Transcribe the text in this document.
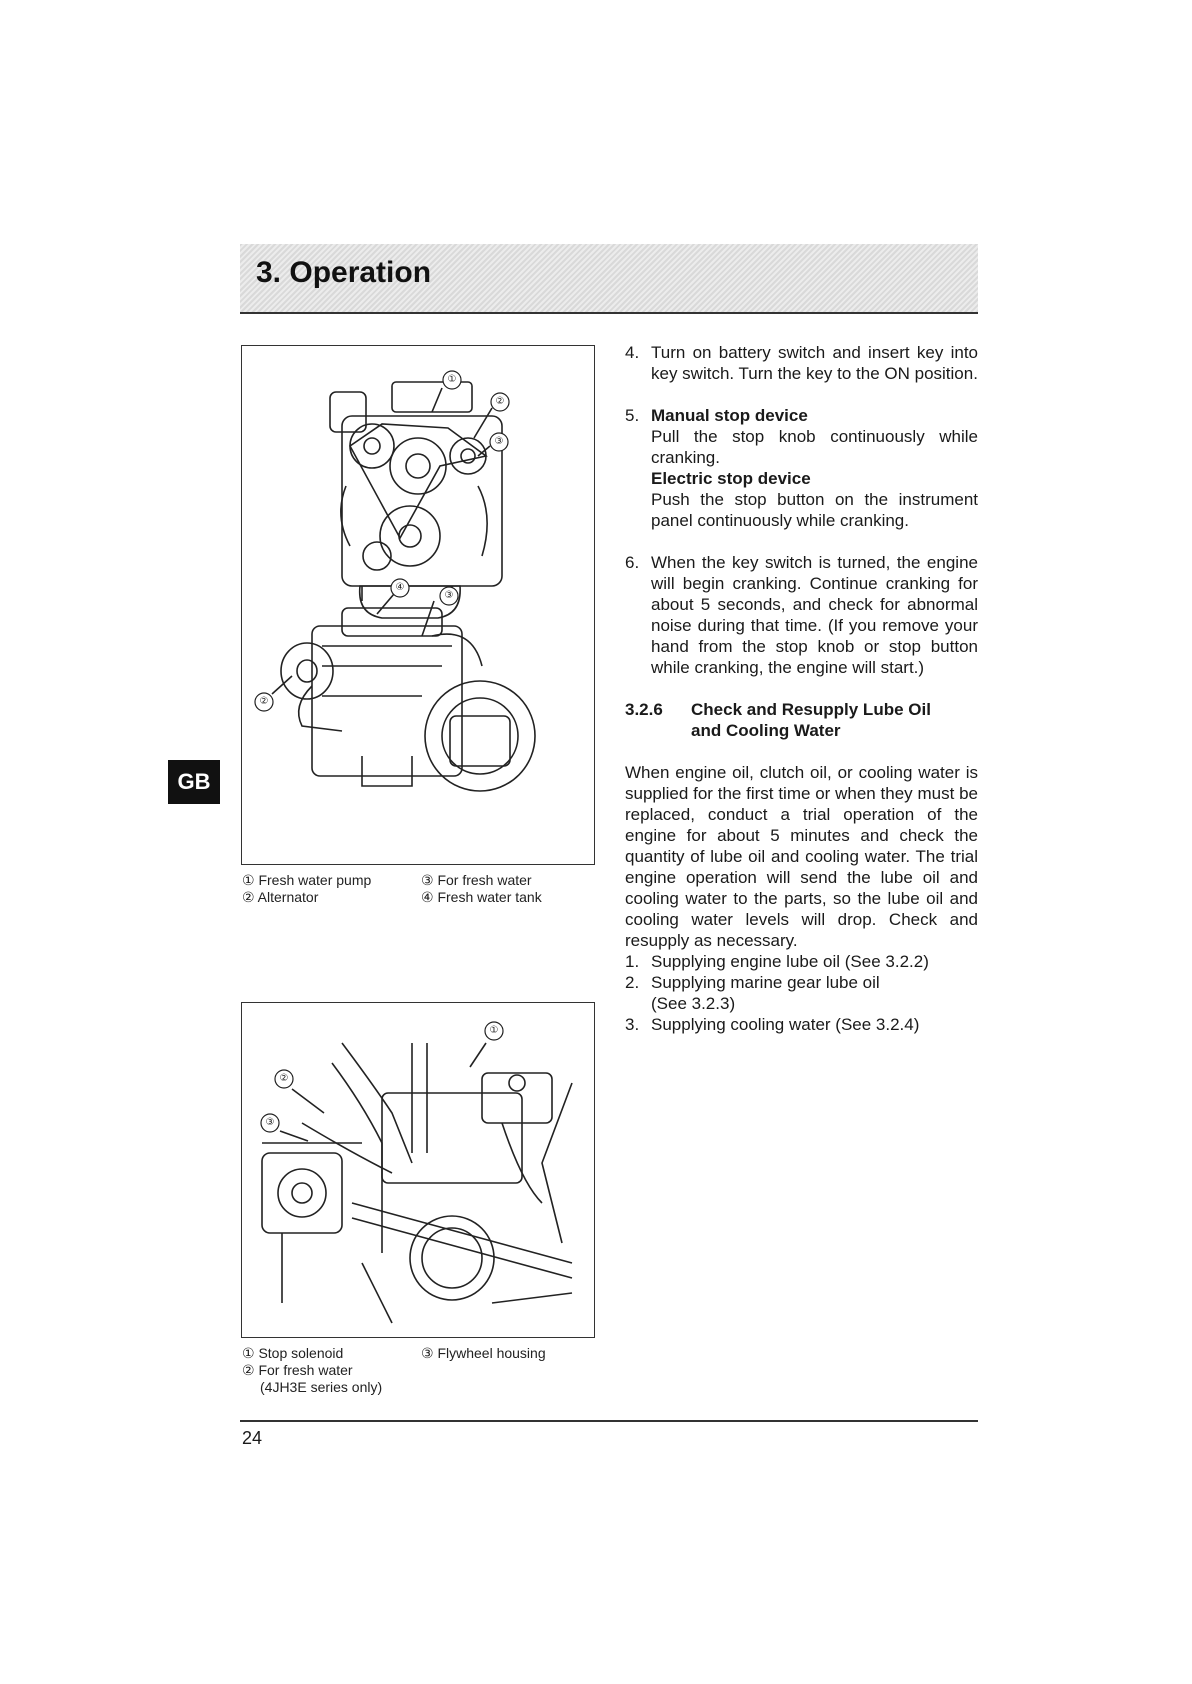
3. Operation
GB
①
②
③
④
③
②
① Fresh water pump
② Alternator
③ For fresh water
④ Fresh water tank
①
②
③
① Stop solenoid
② For fresh water
(4JH3E series only)
③ Flywheel housing
4. Turn on battery switch and insert key into key switch. Turn the key to the ON position.
5. Manual stop device
Pull the stop knob continuously while cranking.
Electric stop device
Push the stop button on the instrument panel continuously while cranking.
6. When the key switch is turned, the engine will begin cranking. Continue cranking for about 5 seconds, and check for abnormal noise during that time. (If you remove your hand from the stop knob or stop button while cranking, the engine will start.)
3.2.6	Check and Resupply Lube Oil
and Cooling Water
When engine oil, clutch oil, or cooling water is supplied for the first time or when they must be replaced, conduct a trial operation of the engine for about 5 minutes and check the quantity of lube oil and cooling water. The trial engine operation will send the lube oil and cooling water to the parts, so the lube oil and cooling water levels will drop. Check and resupply as necessary.
1. Supplying engine lube oil (See 3.2.2)
2. Supplying marine gear lube oil
(See 3.2.3)
3. Supplying cooling water (See 3.2.4)
24
